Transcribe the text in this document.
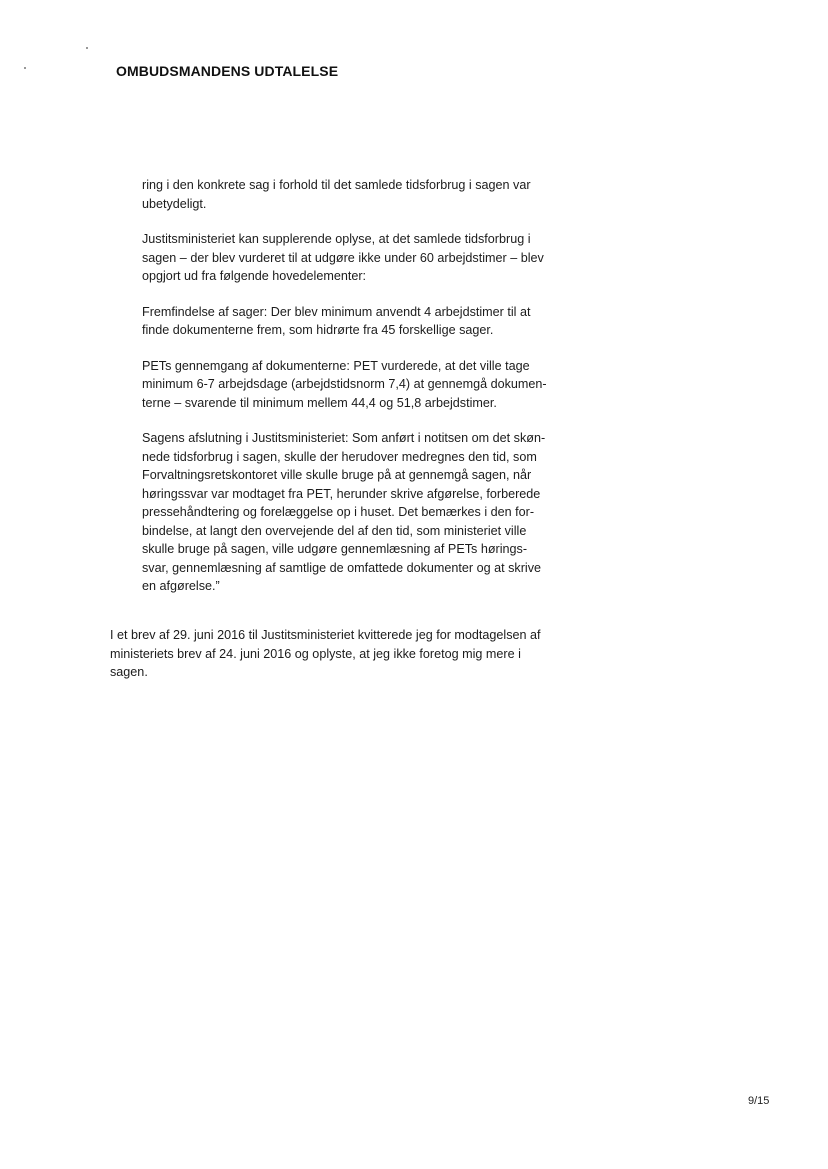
OMBUDSMANDENS UDTALELSE

ring i den konkrete sag i forhold til det samlede tidsforbrug i sagen var
ubetydeligt.

Justitsministeriet kan supplerende oplyse, at det samlede tidsforbrug i
sagen – der blev vurderet til at udgøre ikke under 60 arbejdstimer – blev
opgjort ud fra følgende hovedelementer:

Fremfindelse af sager: Der blev minimum anvendt 4 arbejdstimer til at
finde dokumenterne frem, som hidrørte fra 45 forskellige sager.

PETs gennemgang af dokumenterne: PET vurderede, at det ville tage
minimum 6-7 arbejdsdage (arbejdstidsnorm 7,4) at gennemgå dokumen-
terne – svarende til minimum mellem 44,4 og 51,8 arbejdstimer.

Sagens afslutning i Justitsministeriet: Som anført i notitsen om det skøn-
nede tidsforbrug i sagen, skulle der herudover medregnes den tid, som
Forvaltningsretskontoret ville skulle bruge på at gennemgå sagen, når
høringssvar var modtaget fra PET, herunder skrive afgørelse, forberede
pressehåndtering og forelæggelse op i huset. Det bemærkes i den for-
bindelse, at langt den overvejende del af den tid, som ministeriet ville
skulle bruge på sagen, ville udgøre gennemlæsning af PETs hørings-
svar, gennemlæsning af samtlige de omfattede dokumenter og at skrive
en afgørelse.”

I et brev af 29. juni 2016 til Justitsministeriet kvitterede jeg for modtagelsen af
ministeriets brev af 24. juni 2016 og oplyste, at jeg ikke foretog mig mere i
sagen.

9/15
